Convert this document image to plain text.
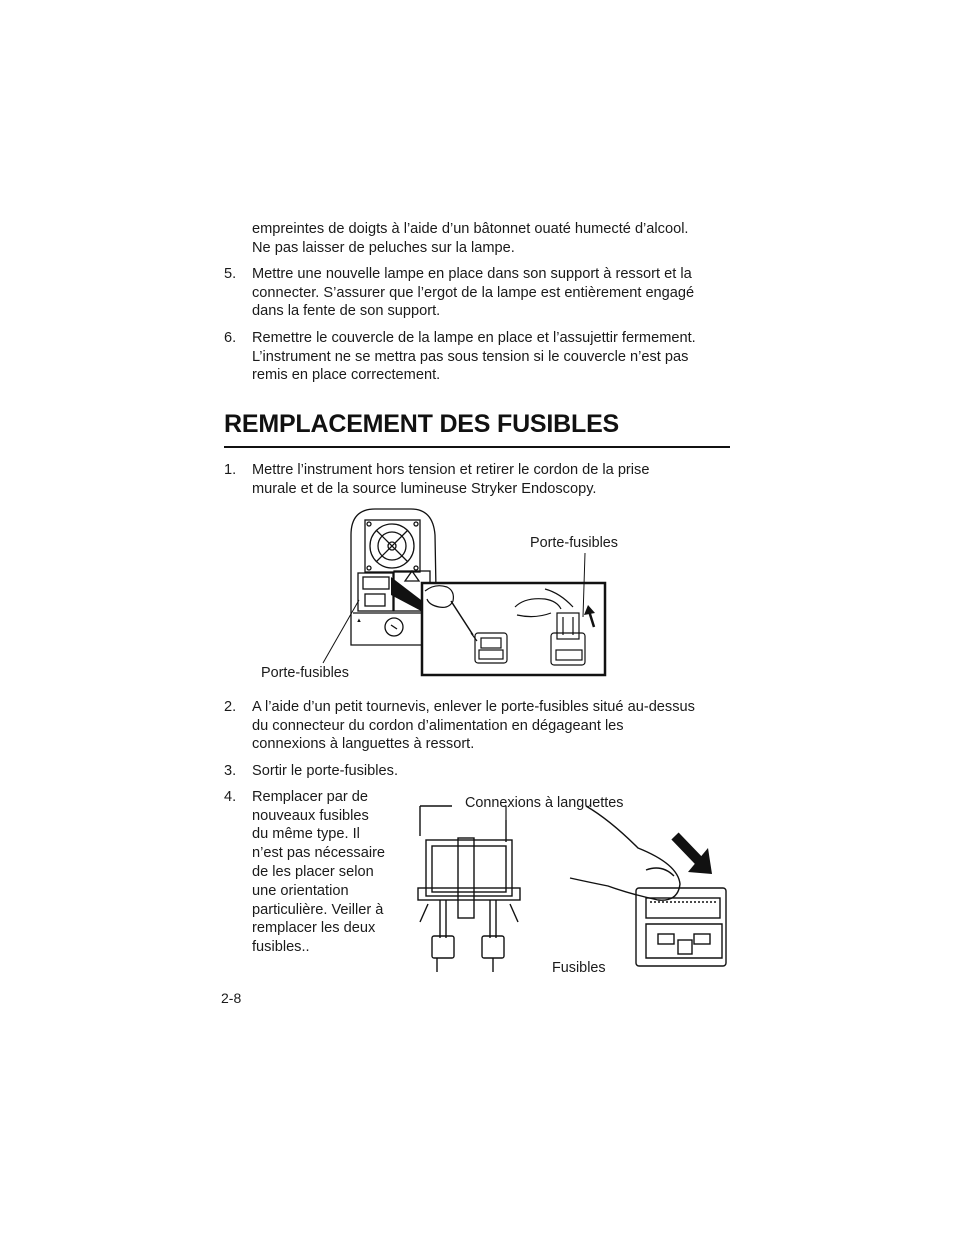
empreintes de doigts à l’aide d’un bâtonnet ouaté humecté d’alcool.
Ne pas laisser de peluches sur la lampe.
5. Mettre une nouvelle lampe en place dans son support à ressort et la
connecter. S’assurer que l’ergot de la lampe est entièrement engagé
dans la fente de son support.
6. Remettre le couvercle de la lampe en place et l’assujettir fermement.
L’instrument ne se mettra pas sous tension si le couvercle n’est pas
remis en place correctement.
REMPLACEMENT DES FUSIBLES
1. Mettre l’instrument hors tension et retirer le cordon de la prise
murale et de la source lumineuse Stryker Endoscopy.
▲
Porte-fusibles
Porte-fusibles
2. A l’aide d’un petit tournevis, enlever le porte-fusibles situé au-dessus
du connecteur du cordon d’alimentation en dégageant les
connexions à languettes à ressort.
3. Sortir le porte-fusibles.
4. Remplacer par de
nouveaux fusibles
du même type. Il
n’est pas nécessaire
de les placer selon
une orientation
particulière. Veiller à
remplacer les deux
fusibles..
Connexions à languettes
Fusibles
2-8
